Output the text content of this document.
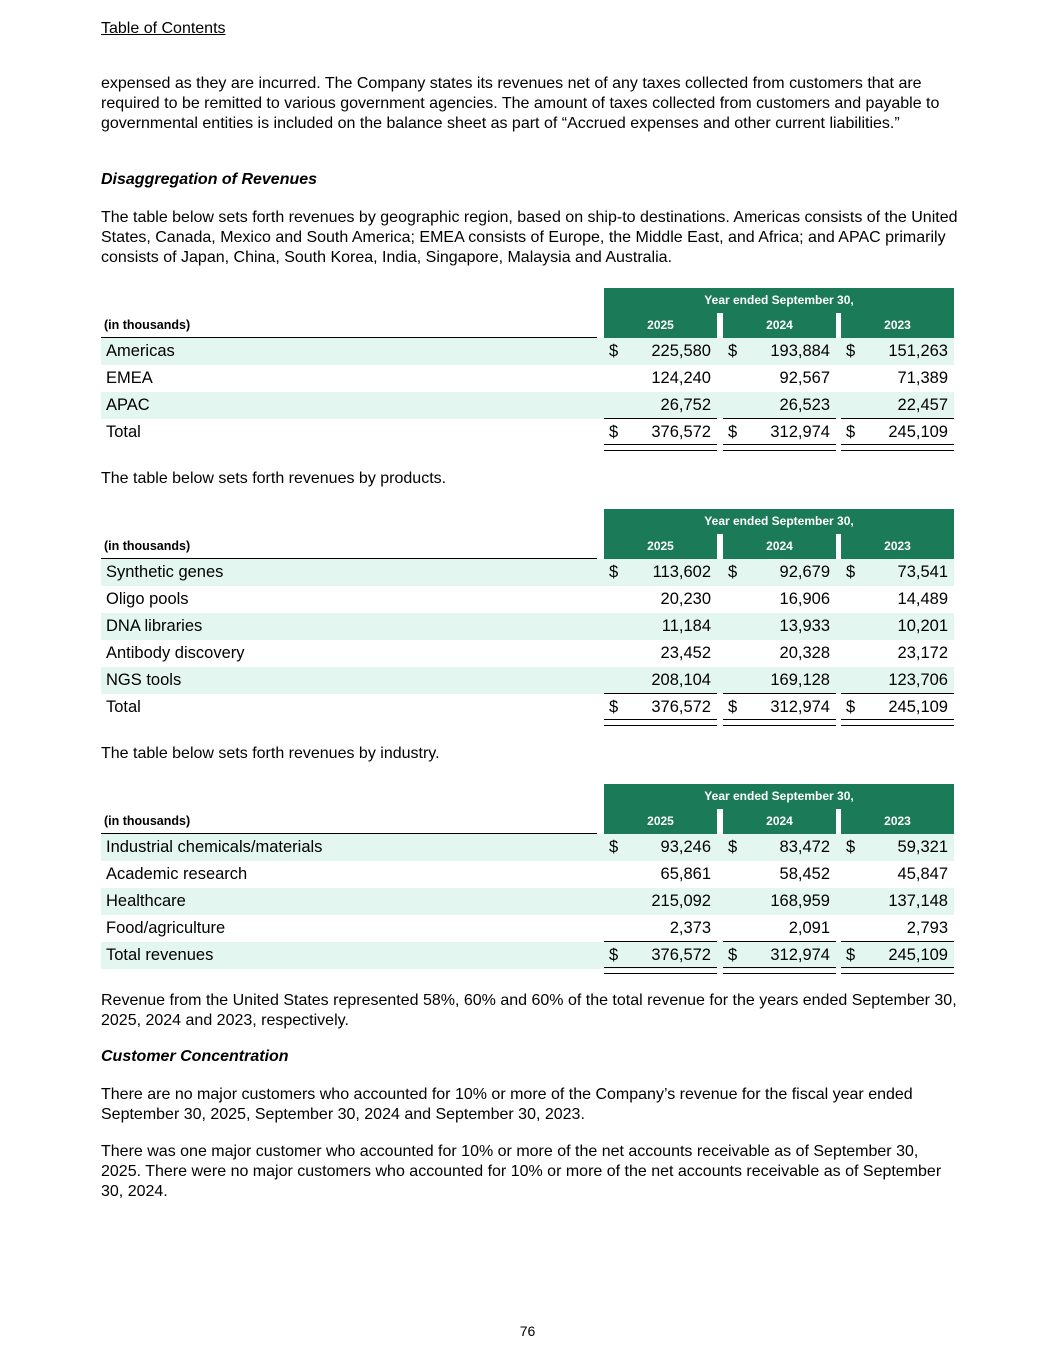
Table of Contents
expensed as they are incurred. The Company states its revenues net of any taxes collected from customers that are required to be remitted to various government agencies. The amount of taxes collected from customers and payable to governmental entities is included on the balance sheet as part of “Accrued expenses and other current liabilities.”
Disaggregation of Revenues
The table below sets forth revenues by geographic region, based on ship-to destinations. Americas consists of the United States, Canada, Mexico and South America; EMEA consists of Europe, the Middle East, and Africa; and APAC primarily consists of Japan, China, South Korea, India, Singapore, Malaysia and Australia.
Year ended September 30,
(in thousands)	2025	2024	2023
Americas	$ 225,580 $ 193,884 $ 151,263
EMEA	124,240	92,567	71,389
APAC	26,752	26,523	22,457
Total	$ 376,572 $ 312,974 $ 245,109
The table below sets forth revenues by products.
Year ended September 30,
(in thousands)	2025	2024	2023
Synthetic genes	$ 113,602 $	92,679 $	73,541
Oligo pools	20,230	16,906	14,489
DNA libraries	11,184	13,933	10,201
Antibody discovery	23,452	20,328	23,172
NGS tools	208,104	169,128	123,706
Total	$ 376,572 $ 312,974 $ 245,109
The table below sets forth revenues by industry.
Year ended September 30,
(in thousands)	2025	2024	2023
Industrial chemicals/materials	$	93,246 $	83,472 $	59,321
Academic research	65,861	58,452	45,847
Healthcare	215,092	168,959	137,148
Food/agriculture	2,373	2,091	2,793
Total revenues	$ 376,572 $ 312,974 $ 245,109
Revenue from the United States represented 58%, 60% and 60% of the total revenue for the years ended September 30, 2025, 2024 and 2023, respectively.
Customer Concentration
There are no major customers who accounted for 10% or more of the Company’s revenue for the fiscal year ended September 30, 2025, September 30, 2024 and September 30, 2023.
There was one major customer who accounted for 10% or more of the net accounts receivable as of September 30, 2025. There were no major customers who accounted for 10% or more of the net accounts receivable as of September 30, 2024.
76
